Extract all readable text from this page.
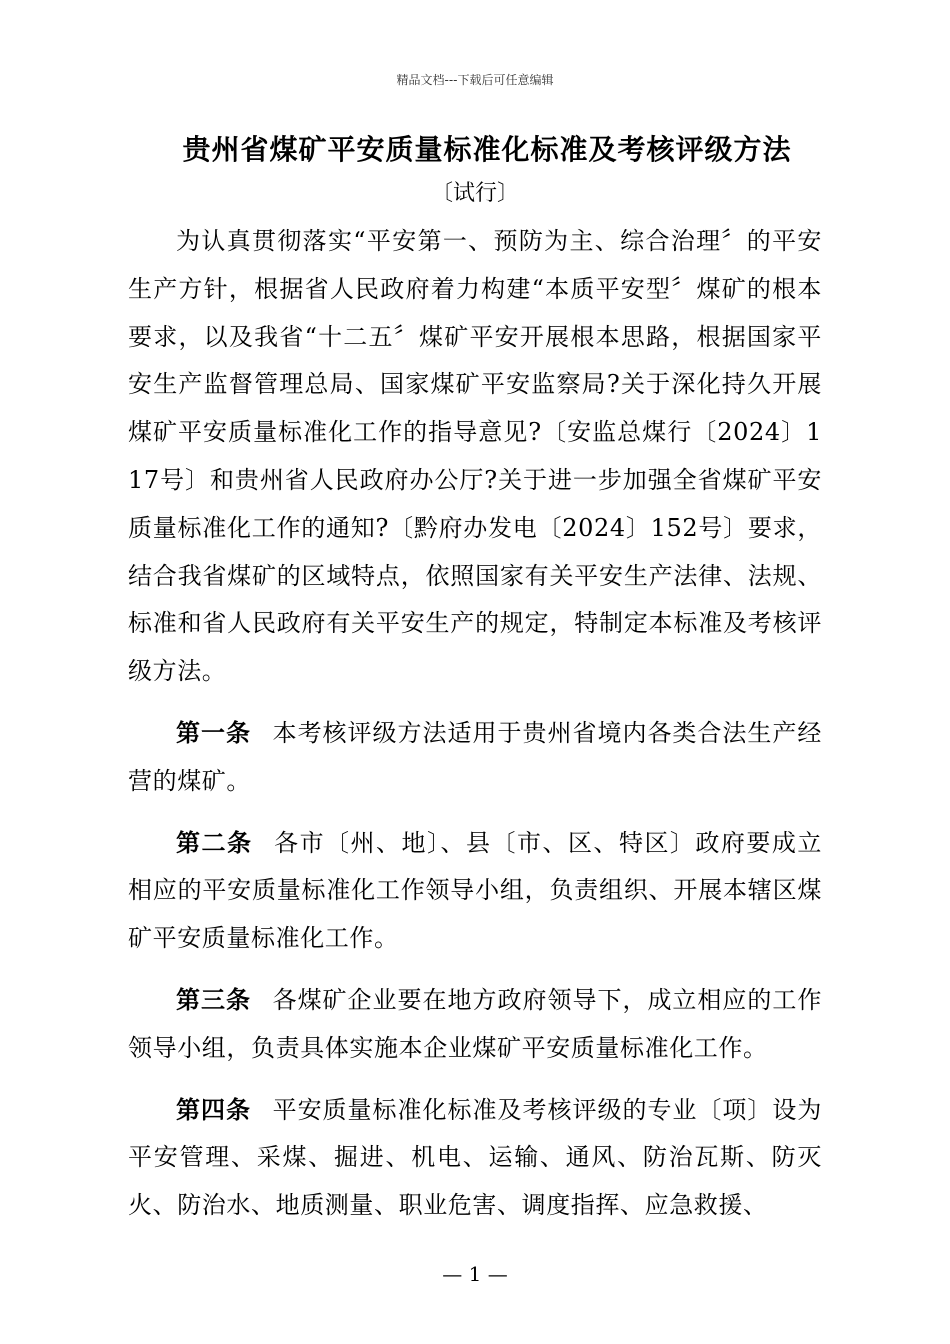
精品文档---下载后可任意编辑
贵州省煤矿平安质量标准化标准及考核评级方法
〔试行〕

为认真贯彻落实“平安第一、预防为主、综合治理〞的平安生产方针，根据省人民政府着力构建“本质平安型〞煤矿的根本要求，以及我省“十二五〞煤矿平安开展根本思路，根据国家平安生产监督管理总局、国家煤矿平安监察局?关于深化持久开展煤矿平安质量标准化工作的指导意见?〔安监总煤行〔2024〕117号〕和贵州省人民政府办公厅?关于进一步加强全省煤矿平安质量标准化工作的通知?〔黔府办发电〔2024〕152号〕要求，结合我省煤矿的区域特点，依照国家有关平安生产法律、法规、标准和省人民政府有关平安生产的规定，特制定本标准及考核评级方法。

第一条 本考核评级方法适用于贵州省境内各类合法生产经营的煤矿。

第二条 各市〔州、地〕、县〔市、区、特区〕政府要成立相应的平安质量标准化工作领导小组，负责组织、开展本辖区煤矿平安质量标准化工作。

第三条 各煤矿企业要在地方政府领导下，成立相应的工作领导小组，负责具体实施本企业煤矿平安质量标准化工作。

第四条 平安质量标准化标准及考核评级的专业〔项〕设为平安管理、采煤、掘进、机电、运输、通风、防治瓦斯、防灭火、防治水、地质测量、职业危害、调度指挥、应急救援、

— 1 —
